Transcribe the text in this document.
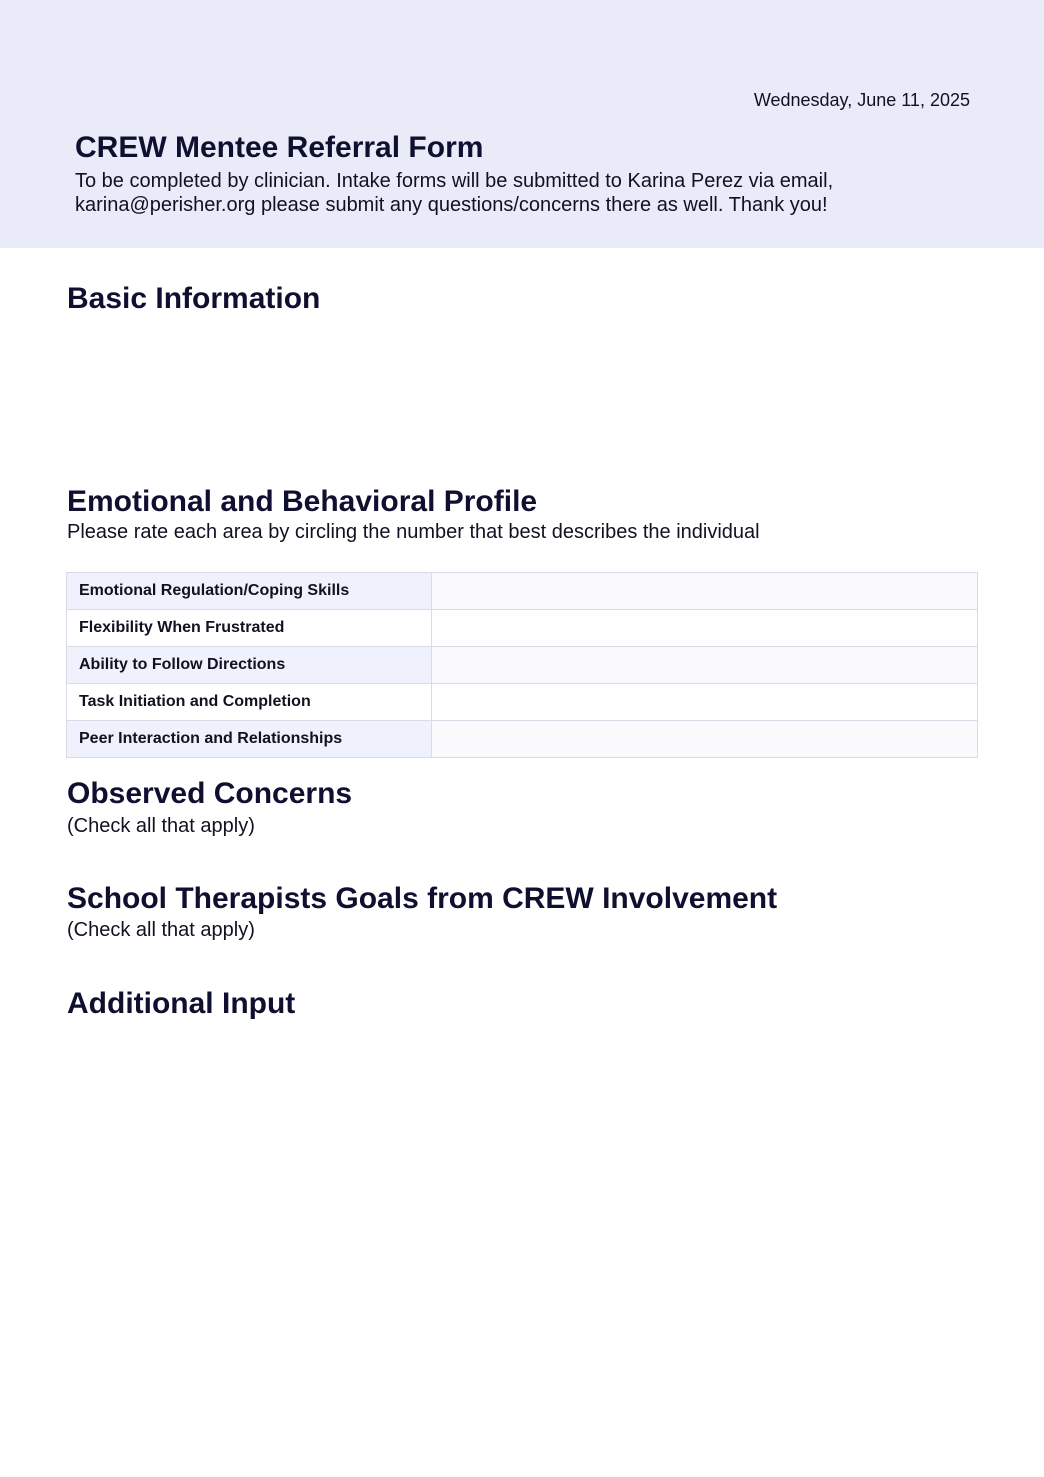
Wednesday, June 11, 2025
CREW Mentee Referral Form

To be completed by clinician. Intake forms will be submitted to Karina Perez via email, karina@perisher.org please submit any questions/concerns there as well. Thank you!

Basic Information
Emotional and Behavioral Profile

Please rate each area by circling the number that best describes the individual

Emotional Regulation/Coping Skills	
Flexibility When Frustrated	
Ability to Follow Directions	
Task Initiation and Completion	
Peer Interaction and Relationships	
Observed Concerns

(Check all that apply)

School Therapists Goals from CREW Involvement

(Check all that apply)

Additional Input
